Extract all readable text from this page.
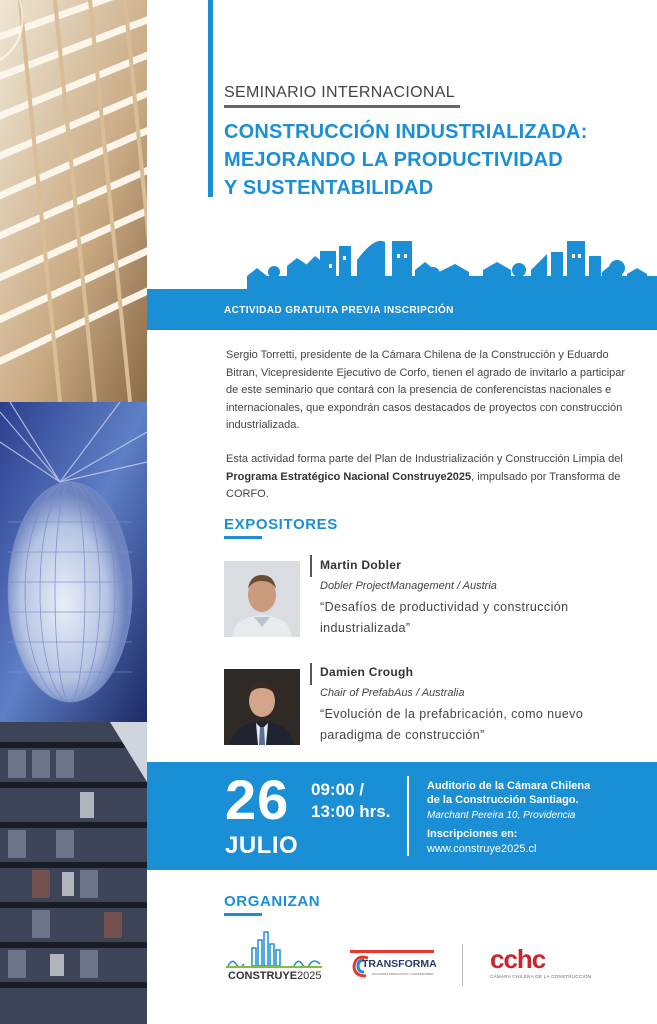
SEMINARIO INTERNACIONAL
CONSTRUCCIÓN INDUSTRIALIZADA:
MEJORANDO LA PRODUCTIVIDAD
Y SUSTENTABILIDAD
ACTIVIDAD GRATUITA PREVIA INSCRIPCIÓN
Sergio Torretti, presidente de la Cámara Chilena de la Construcción y Eduardo Bitran, Vicepresidente Ejecutivo de Corfo, tienen el agrado de invitarlo a participar de este seminario que contará con la presencia de conferencistas nacionales e internacionales, que expondrán casos destacados de proyectos con construcción industrializada.
Esta actividad forma parte del Plan de Industrialización y Construcción Limpia del Programa Estratégico Nacional Construye2025, impulsado por Transforma de CORFO.
EXPOSITORES
Martin Dobler
Dobler ProjectManagement / Austria
“Desafíos de productividad y construcción
industrializada”
Damien Crough
Chair of PrefabAus / Australia
“Evolución de la prefabricación, como nuevo
paradigma de construcción”
26
JULIO
09:00 /
13:00 hrs.
Auditorio de la Cámara Chilena
de la Construcción Santiago.
Marchant Pereira 10, Providencia
Inscripciones en:
www.construye2025.cl
ORGANIZAN
CONSTRUYE2025
TRANSFORMA
ECONOMÍA PRODUCTIVA Y SUSTENTABLE cchc
CÁMARA CHILENA DE LA CONSTRUCCIÓN
